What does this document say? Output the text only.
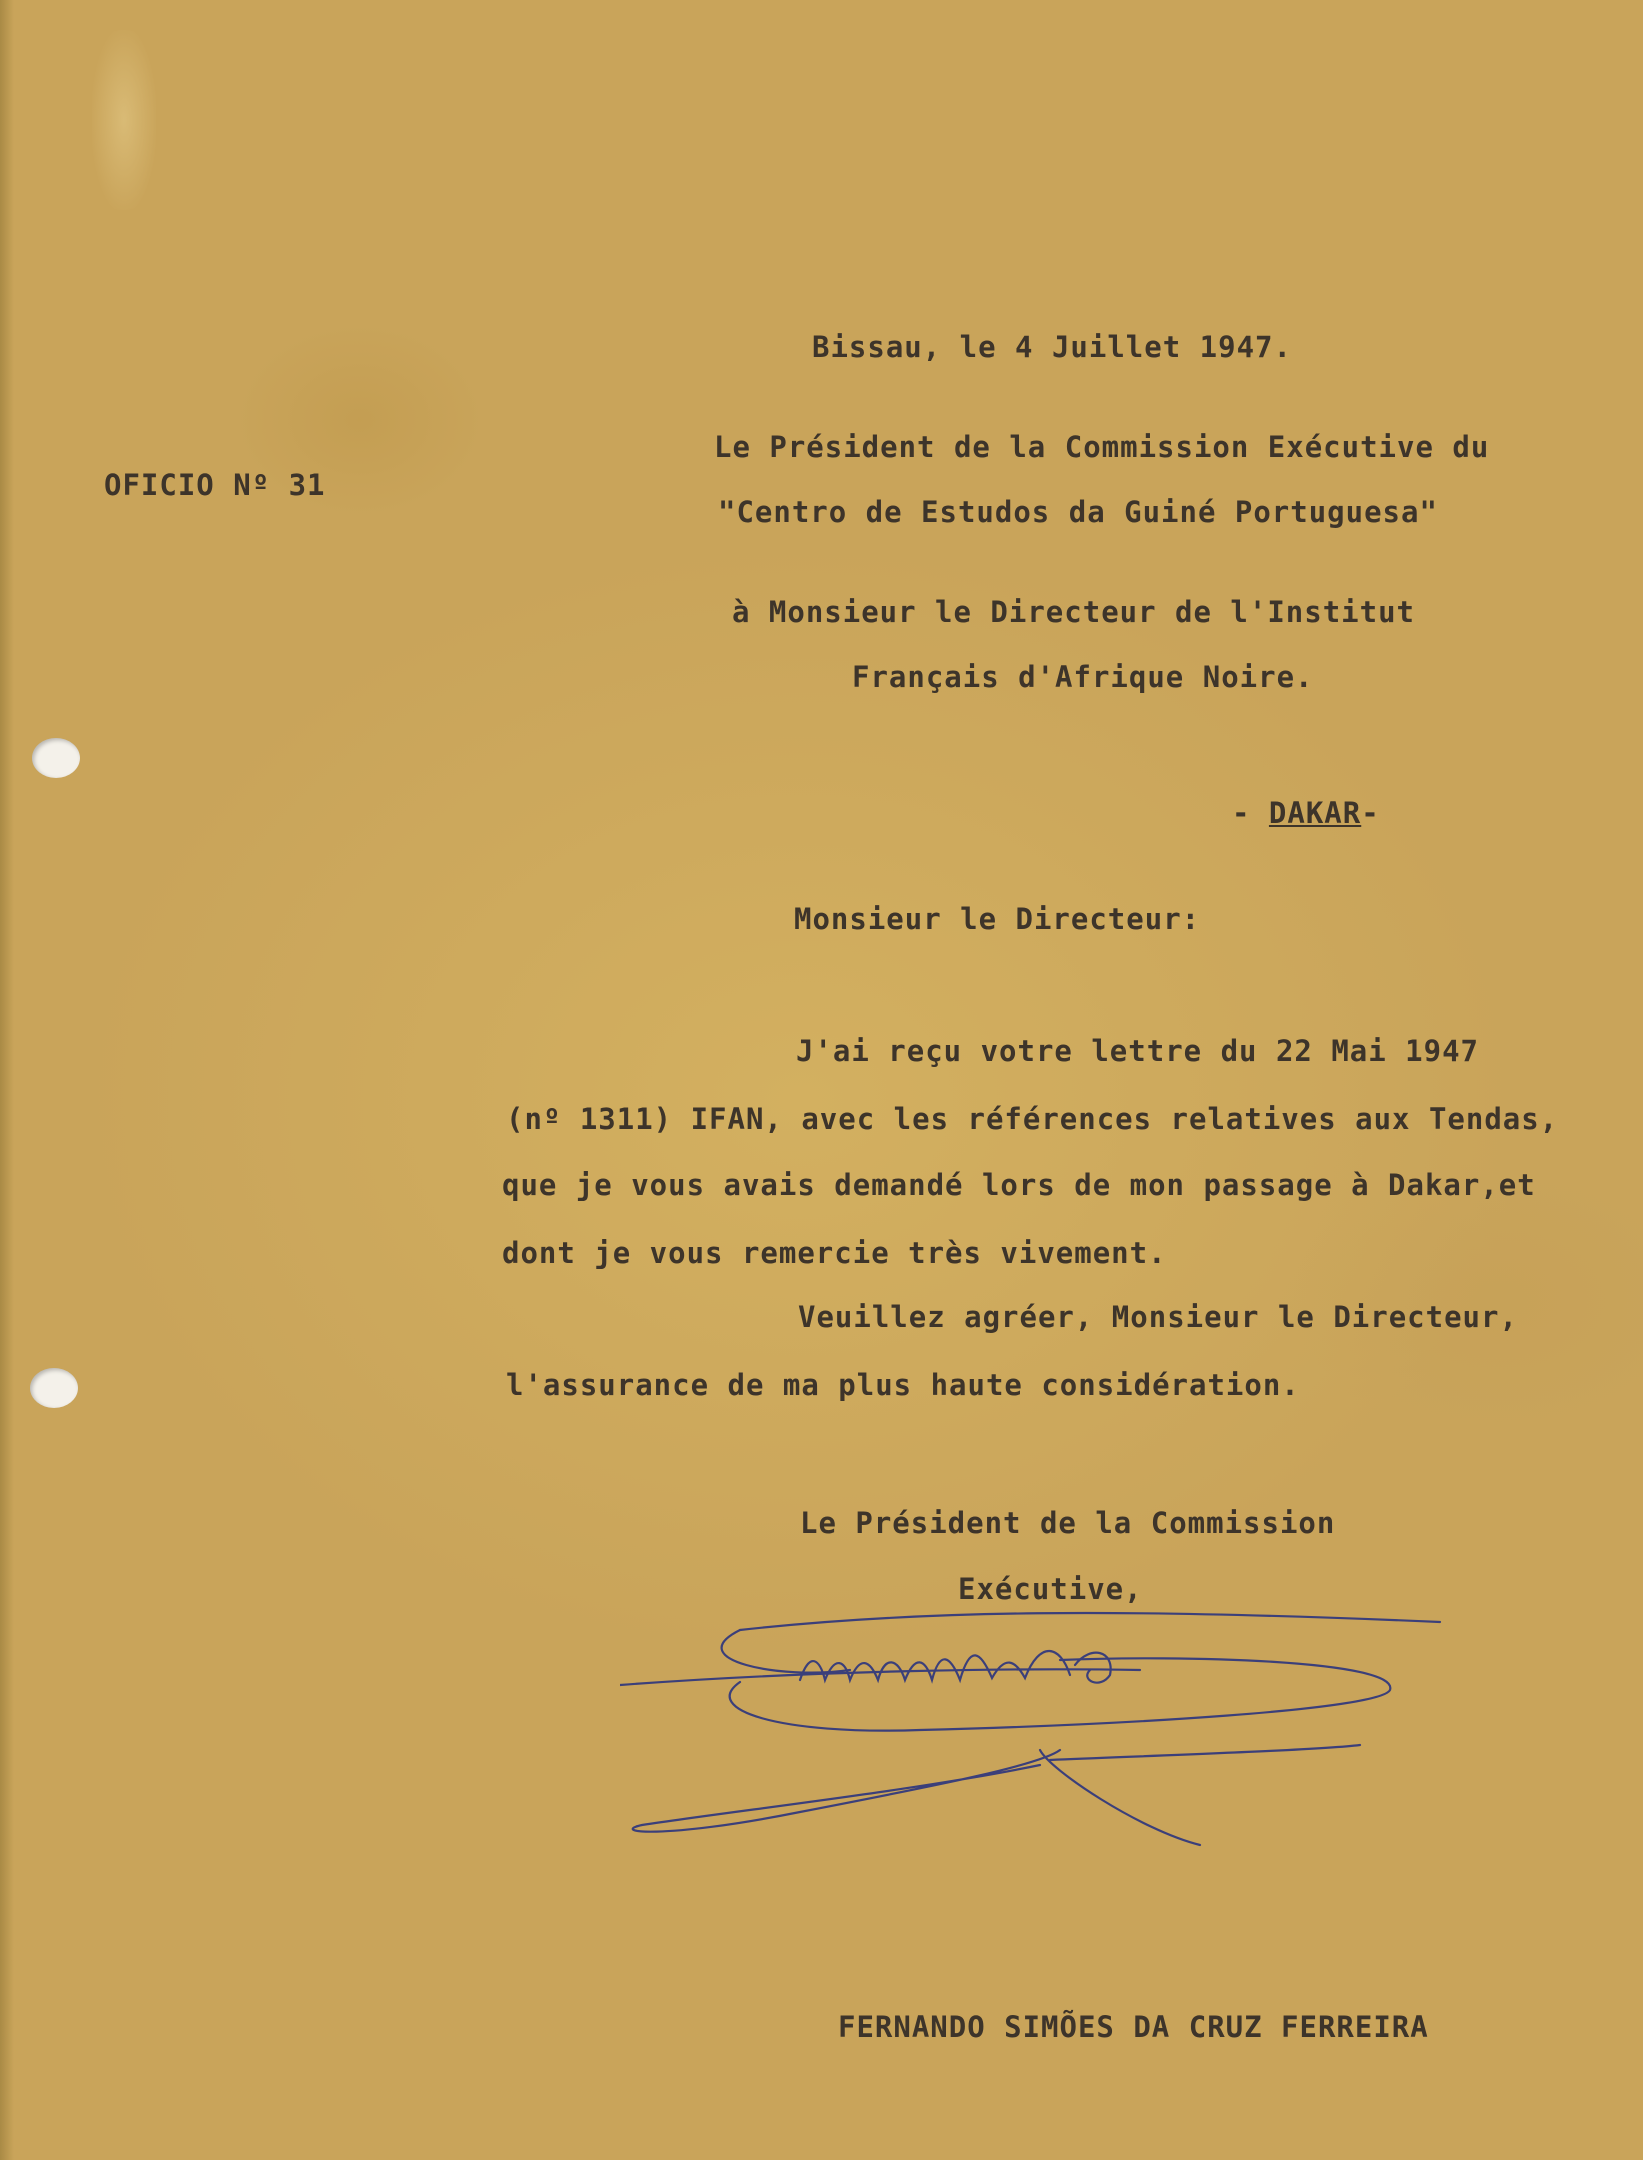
OFICIO Nº 31
Bissau, le 4 Juillet 1947.
Le Président de la Commission Exécutive du
"Centro de Estudos da Guiné Portuguesa"
à Monsieur le Directeur de l'Institut
Français d'Afrique Noire.
- DAKAR-
Monsieur le Directeur:
J'ai reçu votre lettre du 22 Mai 1947
(nº 1311) IFAN, avec les références relatives aux Tendas,
que je vous avais demandé lors de mon passage à Dakar,et
dont je vous remercie très vivement.
Veuillez agréer, Monsieur le Directeur,
l'assurance de ma plus haute considération.
Le Président de la Commission
Exécutive,
FERNANDO SIMÕES DA CRUZ FERREIRA
